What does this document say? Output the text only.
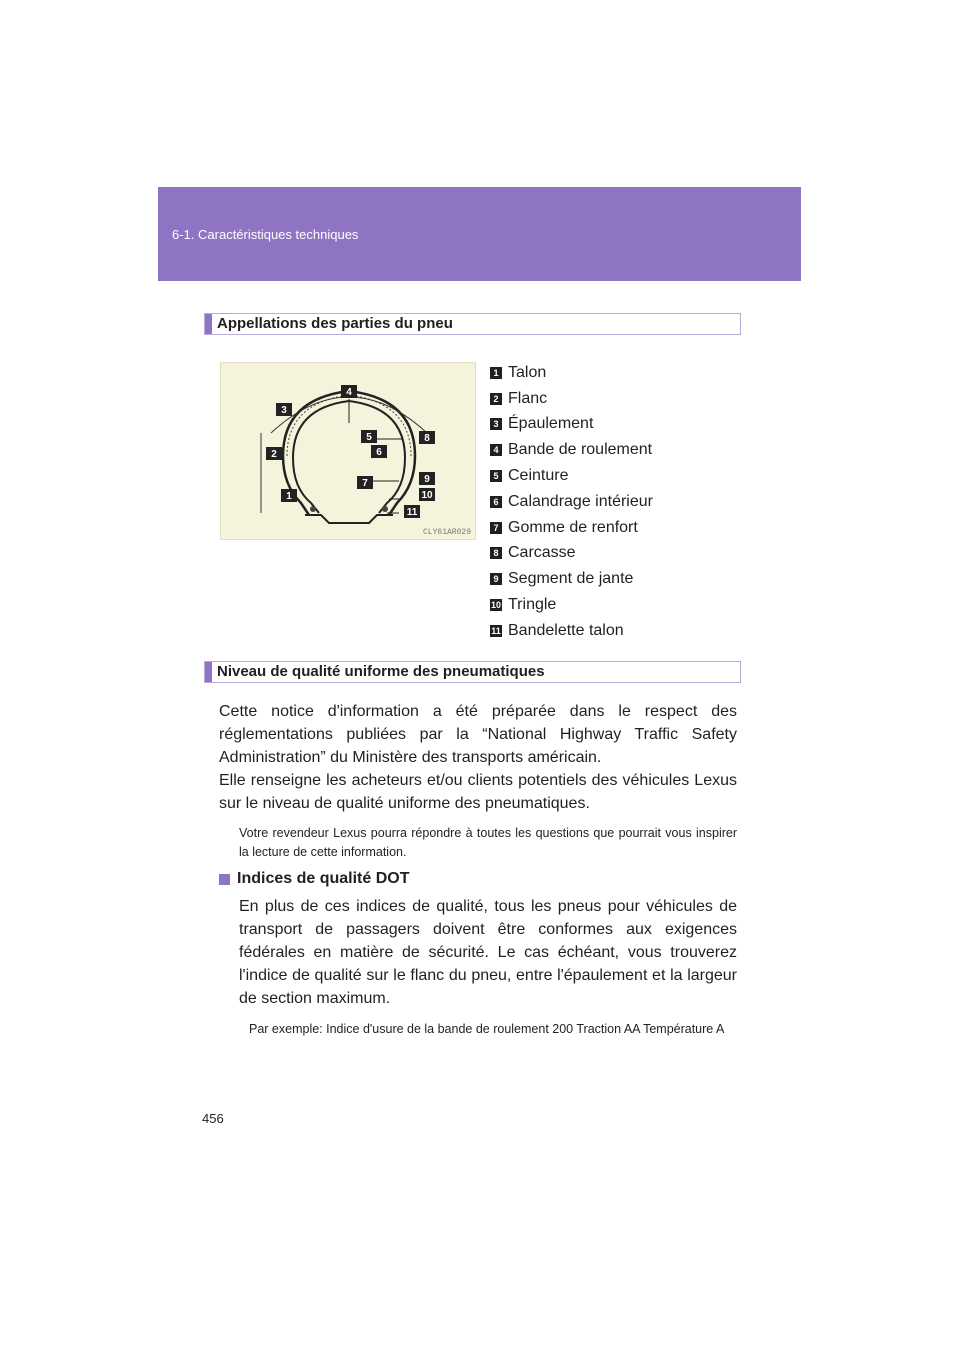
6-1. Caractéristiques techniques
Appellations des parties du pneu
4
3
5	8
6
2
9
7
10
1
11
CLY61AR029
1 Talon
2 Flanc
3 Épaulement
4 Bande de roulement
5 Ceinture
6 Calandrage intérieur
7 Gomme de renfort
8 Carcasse
9 Segment de jante
10 Tringle
11 Bandelette talon
Niveau de qualité uniforme des pneumatiques

Cette notice d'information a été préparée dans le respect des réglementations publiées par la “National Highway Traffic Safety Administration” du Ministère des transports américain.

Elle renseigne les acheteurs et/ou clients potentiels des véhicules Lexus sur le niveau de qualité uniforme des pneumatiques.

Votre revendeur Lexus pourra répondre à toutes les questions que pourrait vous inspirer la lecture de cette information.

Indices de qualité DOT

En plus de ces indices de qualité, tous les pneus pour véhicules de transport de passagers doivent être conformes aux exigences fédérales en matière de sécurité. Le cas échéant, vous trouverez l'indice de qualité sur le flanc du pneu, entre l'épaulement et la largeur de section maximum.

Par exemple: Indice d'usure de la bande de roulement 200 Traction AA Température A

456
